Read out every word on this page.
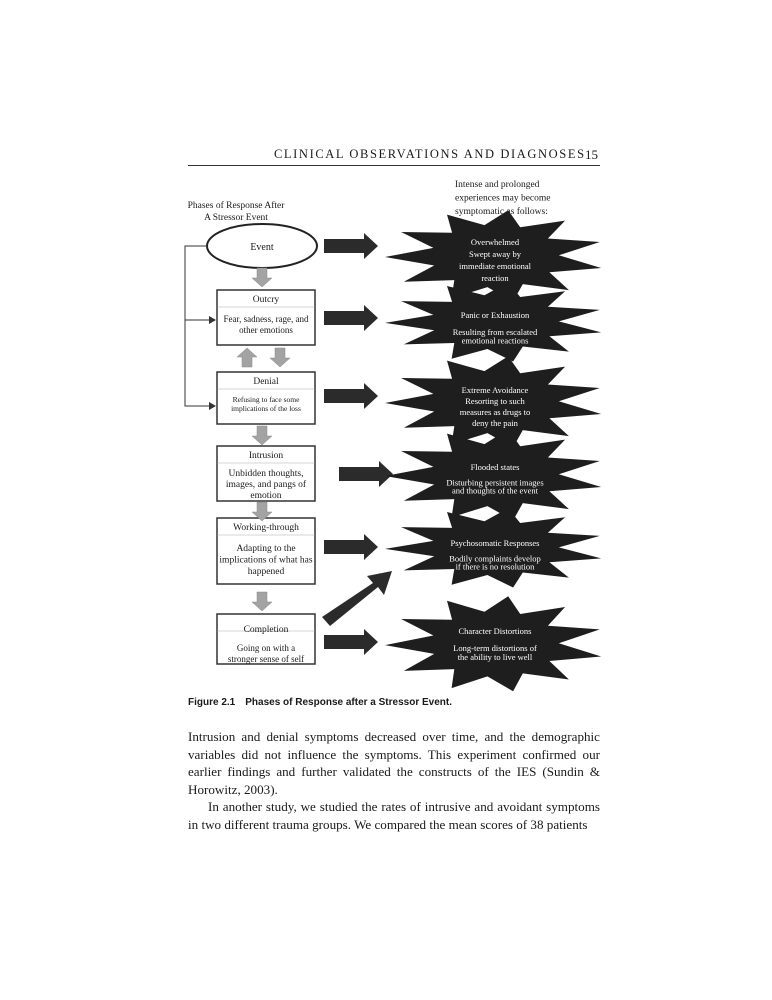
CLINICAL OBSERVATIONS AND DIAGNOSES 15
Phases of Response After
A Stressor Event
Intense and prolonged
experiences may become
symptomatic as follows:
Event
Outcry
Fear, sadness, rage, and
other emotions
Denial
Refusing to face some
implications of the loss
Intrusion
Unbidden thoughts,
images, and pangs of
emotion
Working-through
Adapting to the
implications of what has
happened
Completion
Going on with a
stronger sense of self
Overwhelmed
Swept away by
immediate emotional
reaction
Panic or Exhaustion
Resulting from escalated
emotional reactions
Extreme Avoidance
Resorting to such
measures as drugs to
deny the pain
Flooded states
Disturbing persistent images
and thoughts of the event
Psychosomatic Responses
Bodily complaints develop
if there is no resolution
Character Distortions
Long-term distortions of
the ability to live well
Figure 2.1 Phases of Response after a Stressor Event.

Intrusion and denial symptoms decreased over time, and the demographic variables did not influence the symptoms. This experiment confirmed our earlier findings and further validated the constructs of the IES (Sundin & Horowitz, 2003).

In another study, we studied the rates of intrusive and avoidant symptoms in two different trauma groups. We compared the mean scores of 38 patients
